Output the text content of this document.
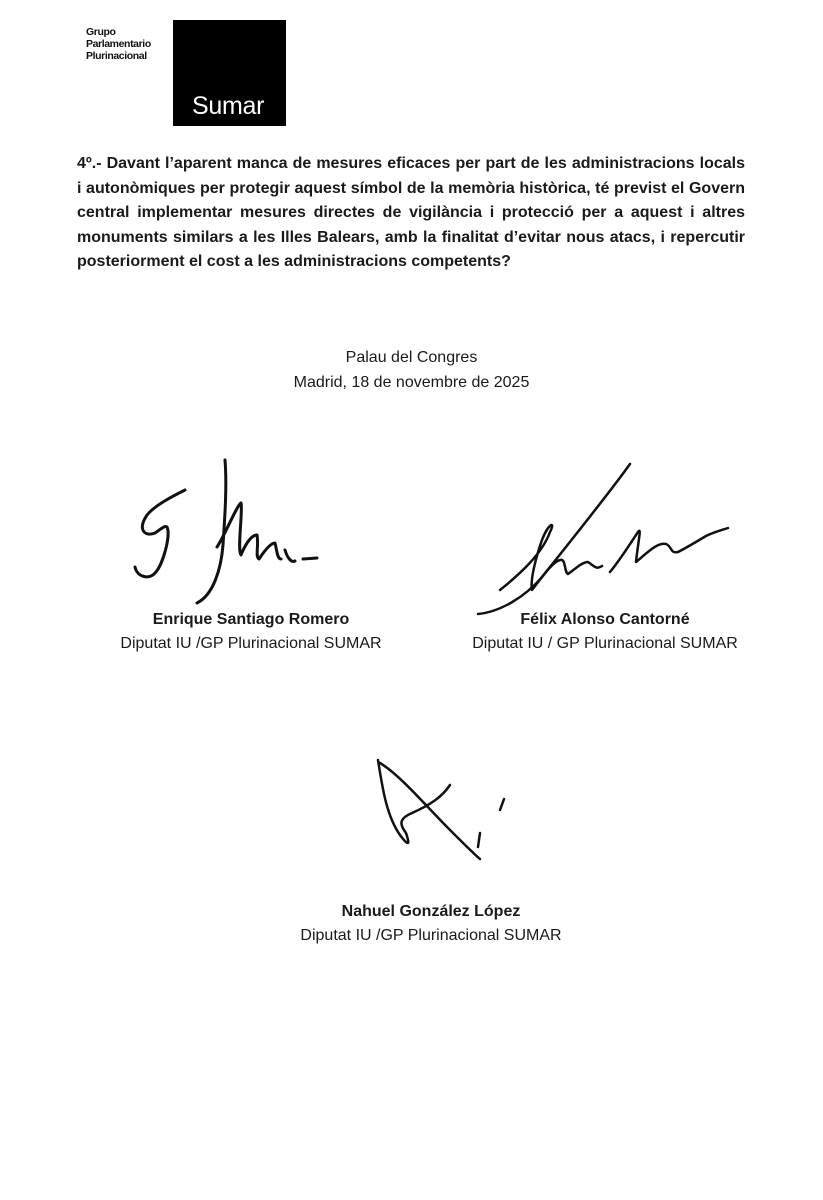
Grupo
Parlamentario
Plurinacional
Sumar
4º.- Davant l’aparent manca de mesures eficaces per part de les administracions locals i autonòmiques per protegir aquest símbol de la memòria històrica, té previst el Govern central implementar mesures directes de vigilància i protecció per a aquest i altres monuments similars a les Illes Balears, amb la finalitat d’evitar nous atacs, i repercutir posteriorment el cost a les administracions competents?
Palau del Congres
Madrid, 18 de novembre de 2025
Enrique Santiago Romero
Diputat IU /GP Plurinacional SUMAR
Félix Alonso Cantorné
Diputat IU / GP Plurinacional SUMAR
Nahuel González López
Diputat IU /GP Plurinacional SUMAR
